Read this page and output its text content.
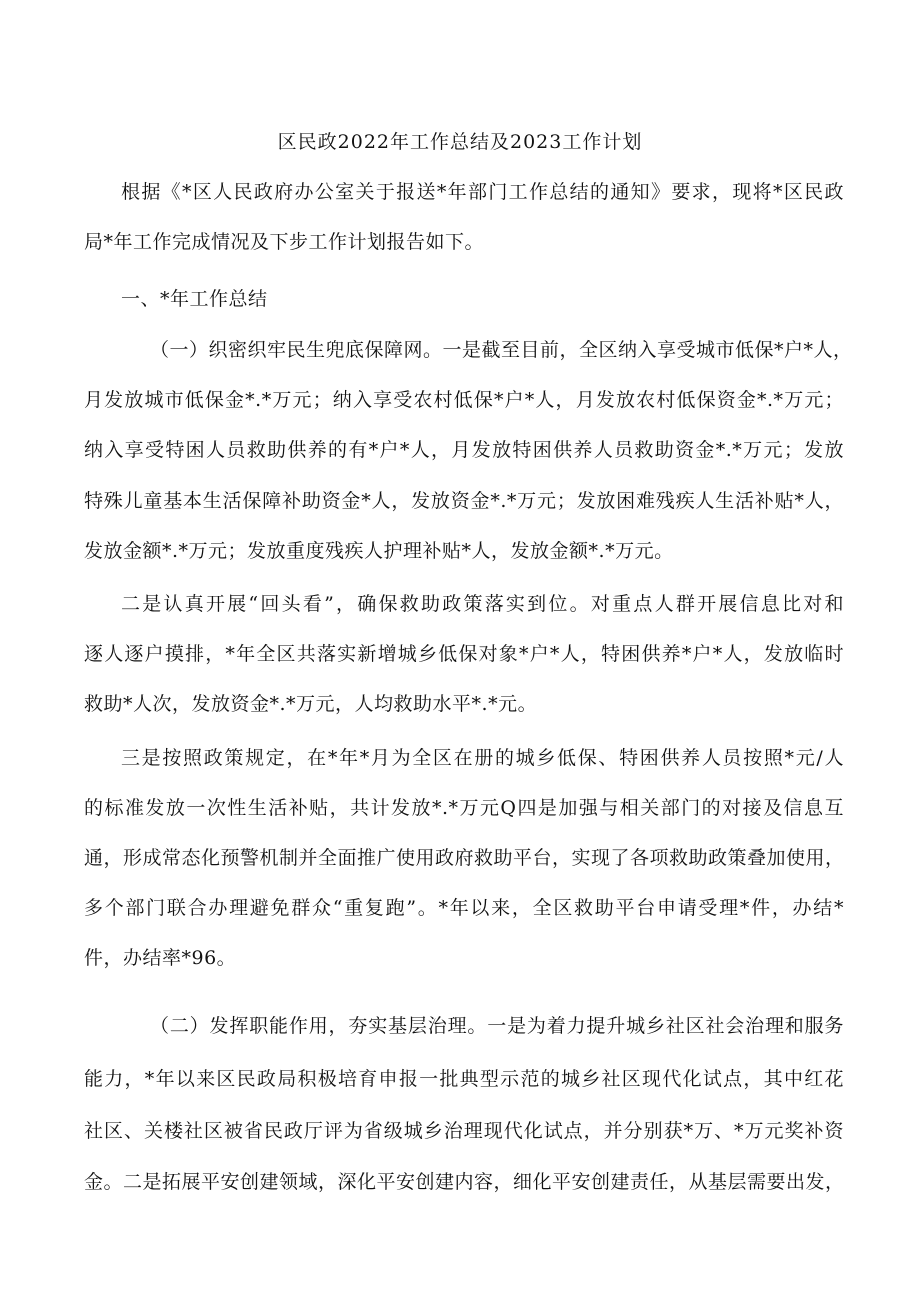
区民政2022年工作总结及2023工作计划
根据《*区人民政府办公室关于报送*年部门工作总结的通知》要求，现将*区民政
局*年工作完成情况及下步工作计划报告如下。
一、*年工作总结
（一）织密织牢民生兜底保障网。一是截至目前，全区纳入享受城市低保*户*人，
月发放城市低保金*.*万元；纳入享受农村低保*户*人，月发放农村低保资金*.*万元；
纳入享受特困人员救助供养的有*户*人，月发放特困供养人员救助资金*.*万元；发放
特殊儿童基本生活保障补助资金*人，发放资金*.*万元；发放困难残疾人生活补贴*人，
发放金额*.*万元；发放重度残疾人护理补贴*人，发放金额*.*万元。
二是认真开展“回头看”，确保救助政策落实到位。对重点人群开展信息比对和
逐人逐户摸排，*年全区共落实新增城乡低保对象*户*人，特困供养*户*人，发放临时
救助*人次，发放资金*.*万元，人均救助水平*.*元。
三是按照政策规定，在*年*月为全区在册的城乡低保、特困供养人员按照*元/人
的标准发放一次性生活补贴，共计发放*.*万元Q四是加强与相关部门的对接及信息互
通，形成常态化预警机制并全面推广使用政府救助平台，实现了各项救助政策叠加使用，
多个部门联合办理避免群众“重复跑”。*年以来，全区救助平台申请受理*件，办结*
件，办结率*96。
（二）发挥职能作用，夯实基层治理。一是为着力提升城乡社区社会治理和服务
能力，*年以来区民政局积极培育申报一批典型示范的城乡社区现代化试点，其中红花
社区、关楼社区被省民政厅评为省级城乡治理现代化试点，并分别获*万、*万元奖补资
金。二是拓展平安创建领域，深化平安创建内容，细化平安创建责任，从基层需要出发，
